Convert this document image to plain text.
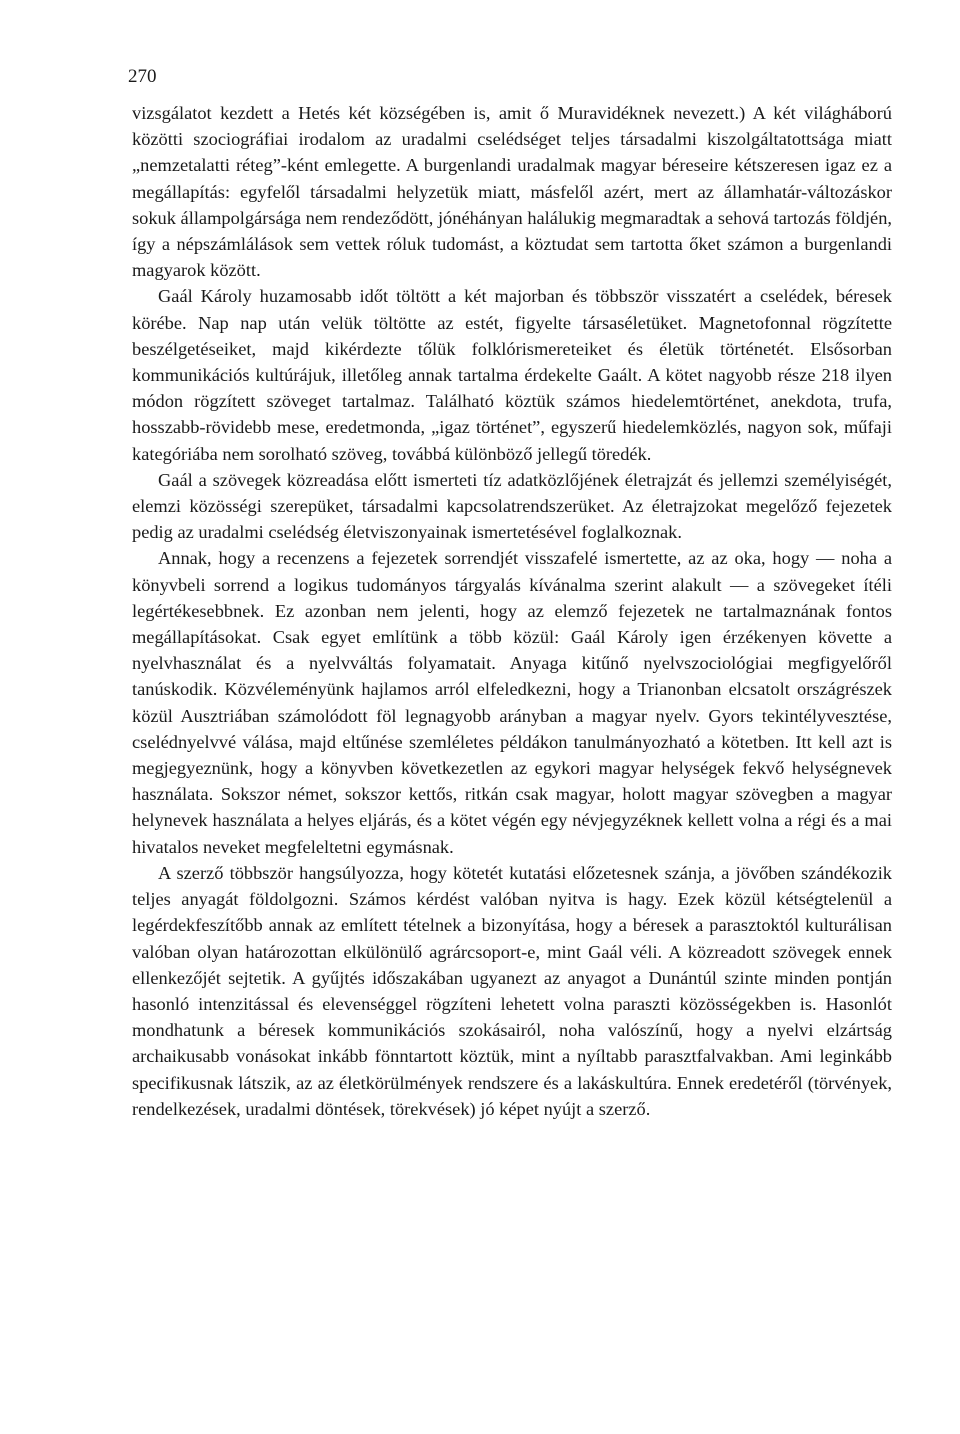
270

vizsgálatot kezdett a Hetés két községében is, amit ő Muravidéknek nevezett.) A két világháború közötti szociográfiai irodalom az uradalmi cselédséget teljes társadalmi kiszolgáltatottsága miatt „nemzetalatti réteg”-ként emlegette. A burgenlandi uradalmak magyar béreseire kétszeresen igaz ez a megállapítás: egyfelől társadalmi helyzetük miatt, másfelől azért, mert az államhatár-változáskor sokuk állampolgársága nem rendeződött, jónéhányan halálukig megmaradtak a sehová tartozás földjén, így a népszámlálások sem vettek róluk tudomást, a köztudat sem tartotta őket számon a burgenlandi magyarok között.

Gaál Károly huzamosabb időt töltött a két majorban és többször visszatért a cselédek, béresek körébe. Nap nap után velük töltötte az estét, figyelte társaséletüket. Magnetofonnal rögzítette beszélgetéseiket, majd kikérdezte tőlük folklórismereteiket és életük történetét. Elsősorban kommunikációs kultúrájuk, illetőleg annak tartalma érdekelte Gaált. A kötet nagyobb része 218 ilyen módon rögzített szöveget tartalmaz. Található köztük számos hiedelemtörténet, anekdota, trufa, hosszabb-rövidebb mese, eredetmonda, „igaz történet”, egyszerű hiedelemközlés, nagyon sok, műfaji kategóriába nem sorolható szöveg, továbbá különböző jellegű töredék.

Gaál a szövegek közreadása előtt ismerteti tíz adatközlőjének életrajzát és jellemzi személyiségét, elemzi közösségi szerepüket, társadalmi kapcsolatrendszerüket. Az életrajzokat megelőző fejezetek pedig az uradalmi cselédség életviszonyainak ismertetésével foglalkoznak.

Annak, hogy a recenzens a fejezetek sorrendjét visszafelé ismertette, az az oka, hogy — noha a könyvbeli sorrend a logikus tudományos tárgyalás kívánalma szerint alakult — a szövegeket ítéli legértékesebbnek. Ez azonban nem jelenti, hogy az elemző fejezetek ne tartalmaznának fontos megállapításokat. Csak egyet említünk a több közül: Gaál Károly igen érzékenyen követte a nyelvhasználat és a nyelvváltás folyamatait. Anyaga kitűnő nyelvszociológiai megfigyelőről tanúskodik. Közvéleményünk hajlamos arról elfeledkezni, hogy a Trianonban elcsatolt országrészek közül Ausztriában számolódott föl legnagyobb arányban a magyar nyelv. Gyors tekintélyvesztése, cselédnyelvvé válása, majd eltűnése szemléletes példákon tanulmányozható a kötetben. Itt kell azt is megjegyeznünk, hogy a könyvben következetlen az egykori magyar helységek fekvő helységnevek használata. Sokszor német, sokszor kettős, ritkán csak magyar, holott magyar szövegben a magyar helynevek használata a helyes eljárás, és a kötet végén egy névjegyzéknek kellett volna a régi és a mai hivatalos neveket megfeleltetni egymásnak.

A szerző többször hangsúlyozza, hogy kötetét kutatási előzetesnek szánja, a jövőben szándékozik teljes anyagát földolgozni. Számos kérdést valóban nyitva is hagy. Ezek közül kétségtelenül a legérdekfeszítőbb annak az említett tételnek a bizonyítása, hogy a béresek a parasztoktól kulturálisan valóban olyan határozottan elkülönülő agrárcsoport-e, mint Gaál véli. A közreadott szövegek ennek ellenkezőjét sejtetik. A gyűjtés időszakában ugyanezt az anyagot a Dunántúl szinte minden pontján hasonló intenzitással és elevenséggel rögzíteni lehetett volna paraszti közösségekben is. Hasonlót mondhatunk a béresek kommunikációs szokásairól, noha valószínű, hogy a nyelvi elzártság archaikusabb vonásokat inkább fönntartott köztük, mint a nyíltabb parasztfalvakban. Ami leginkább specifikusnak látszik, az az életkörülmények rendszere és a lakáskultúra. Ennek eredetéről (törvények, rendelkezések, uradalmi döntések, törekvések) jó képet nyújt a szerző.
